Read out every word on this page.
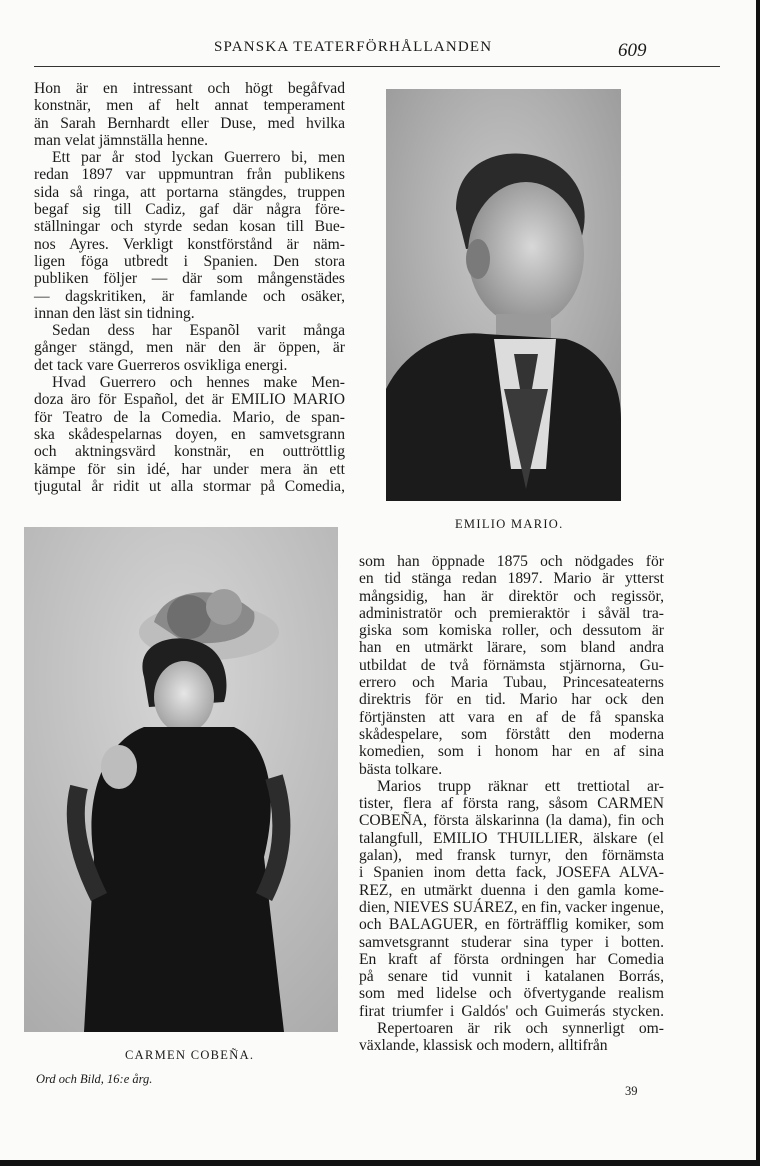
SPANSKA TEATERFÖRHÅLLANDEN	609
Hon är en intressant och högt begåfvad
konstnär, men af helt annat temperament
än Sarah Bernhardt eller Duse, med hvilka
man velat jämnställa henne.
Ett par år stod lyckan Guerrero bi, men
redan 1897 var uppmuntran från publikens
sida så ringa, att portarna stängdes, truppen
begaf sig till Cadiz, gaf där några före-
ställningar och styrde sedan kosan till Bue-
nos Ayres. Verkligt konstförstånd är näm-
ligen föga utbredt i Spanien. Den stora
publiken följer — där som mångenstädes
— dagskritiken, är famlande och osäker,
innan den läst sin tidning.
Sedan dess har Espanõl varit många
gånger stängd, men när den är öppen, är
det tack vare Guerreros osvikliga energi.
Hvad Guerrero och hennes make Men-
doza äro för Español, det är EMILIO MARIO
för Teatro de la Comedia. Mario, de span-
ska skådespelarnas doyen, en samvetsgrann
och aktningsvärd konstnär, en outtröttlig
kämpe för sin idé, har under mera än ett
tjugutal år ridit ut alla stormar på Comedia,
EMILIO MARIO.
CARMEN COBEÑA.
Ord och Bild, 16:e årg.
som han öppnade 1875 och nödgades för
en tid stänga redan 1897. Mario är ytterst
mångsidig, han är direktör och regissör,
administratör och premieraktör i såväl tra-
giska som komiska roller, och dessutom är
han en utmärkt lärare, som bland andra
utbildat de två förnämsta stjärnorna, Gu-
errero och Maria Tubau, Princesateaterns
direktris för en tid. Mario har ock den
förtjänsten att vara en af de få spanska
skådespelare, som förstått den moderna
komedien, som i honom har en af sina
bästa tolkare.
Marios trupp räknar ett trettiotal ar-
tister, flera af första rang, såsom CARMEN
COBEÑA, första älskarinna (la dama), fin och
talangfull, EMILIO THUILLIER, älskare (el
galan), med fransk turnyr, den förnämsta
i Spanien inom detta fack, JOSEFA ALVA-
REZ, en utmärkt duenna i den gamla kome-
dien, NIEVES SUÁREZ, en fin, vacker ingenue,
och BALAGUER, en förträfflig komiker, som
samvetsgrannt studerar sina typer i botten.
En kraft af första ordningen har Comedia
på senare tid vunnit i katalanen Borrás,
som med lidelse och öfvertygande realism
firat triumfer i Galdós' och Guimerás stycken.
Repertoaren är rik och synnerligt om-
växlande, klassisk och modern, alltifrån
39
